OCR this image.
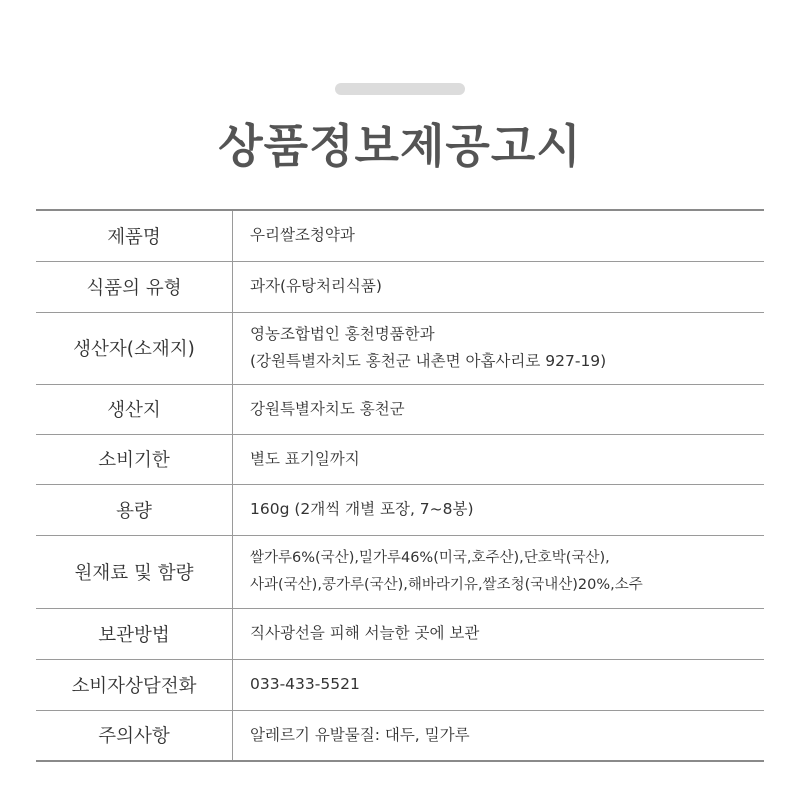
상품정보제공고시
제품명	우리쌀조청약과

식품의 유형	과자(유탕처리식품)

생산자(소재지)	영농조합법인 홍천명품한과
(강원특별자치도 홍천군 내촌면 아홉사리로 927-19)

생산지	강원특별자치도 홍천군

소비기한	별도 표기일까지

용량	160g (2개씩 개별 포장, 7~8봉)

원재료 및 함량	쌀가루6%(국산),밀가루46%(미국,호주산),단호박(국산),
사과(국산),콩가루(국산),해바라기유,쌀조청(국내산)20%,소주

보관방법	직사광선을 피해 서늘한 곳에 보관

소비자상담전화	033-433-5521

주의사항	알레르기 유발물질: 대두, 밀가루
